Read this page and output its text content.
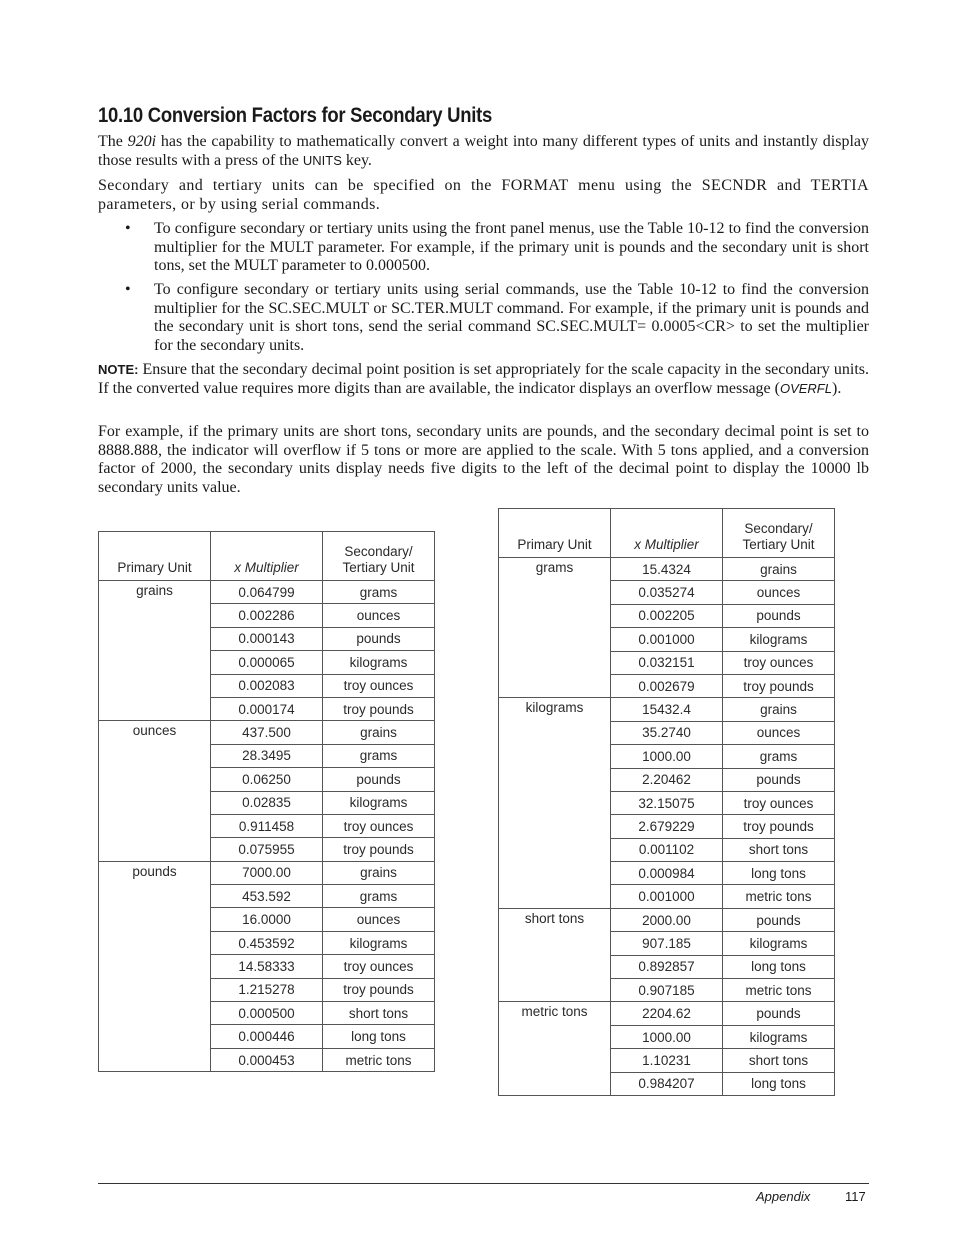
10.10 Conversion Factors for Secondary Units
The 920i has the capability to mathematically convert a weight into many different types of units and instantly display those results with a press of the UNITS key.
Secondary and tertiary units can be specified on the FORMAT menu using the SECNDR and TERTIA parameters, or by using serial commands.
• To configure secondary or tertiary units using the front panel menus, use the Table 10-12 to find the conversion multiplier for the MULT parameter. For example, if the primary unit is pounds and the secondary unit is short tons, set the MULT parameter to 0.000500.
• To configure secondary or tertiary units using serial commands, use the Table 10-12 to find the conversion multiplier for the SC.SEC.MULT or SC.TER.MULT command. For example, if the primary unit is pounds and the secondary unit is short tons, send the serial command SC.SEC.MULT= 0.0005<CR> to set the multiplier for the secondary units.
NOTE: Ensure that the secondary decimal point position is set appropriately for the scale capacity in the secondary units. If the converted value requires more digits than are available, the indicator displays an overflow message (OVERFL).
For example, if the primary units are short tons, secondary units are pounds, and the secondary decimal point is set to 8888.888, the indicator will overflow if 5 tons or more are applied to the scale. With 5 tons applied, and a conversion factor of 2000, the secondary units display needs five digits to the left of the decimal point to display the 10000 lb secondary units value.
Primary Unit	x Multiplier	Secondary/
Tertiary Unit
grains	0.064799	grams
	0.002286	ounces
	0.000143	pounds
	0.000065	kilograms
	0.002083	troy ounces
	0.000174	troy pounds
ounces	437.500	grains
	28.3495	grams
	0.06250	pounds
	0.02835	kilograms
	0.911458	troy ounces
	0.075955	troy pounds
pounds	7000.00	grains
	453.592	grams
	16.0000	ounces
	0.453592	kilograms
	14.58333	troy ounces
	1.215278	troy pounds
	0.000500	short tons
	0.000446	long tons
	0.000453	metric tons
Primary Unit	x Multiplier	Secondary/
Tertiary Unit
grams	15.4324	grains
	0.035274	ounces
	0.002205	pounds
	0.001000	kilograms
	0.032151	troy ounces
	0.002679	troy pounds
kilograms	15432.4	grains
	35.2740	ounces
	1000.00	grams
	2.20462	pounds
	32.15075	troy ounces
	2.679229	troy pounds
	0.001102	short tons
	0.000984	long tons
	0.001000	metric tons
short tons	2000.00	pounds
	907.185	kilograms
	0.892857	long tons
	0.907185	metric tons
metric tons	2204.62	pounds
	1000.00	kilograms
	1.10231	short tons
	0.984207	long tons
Appendix	117
